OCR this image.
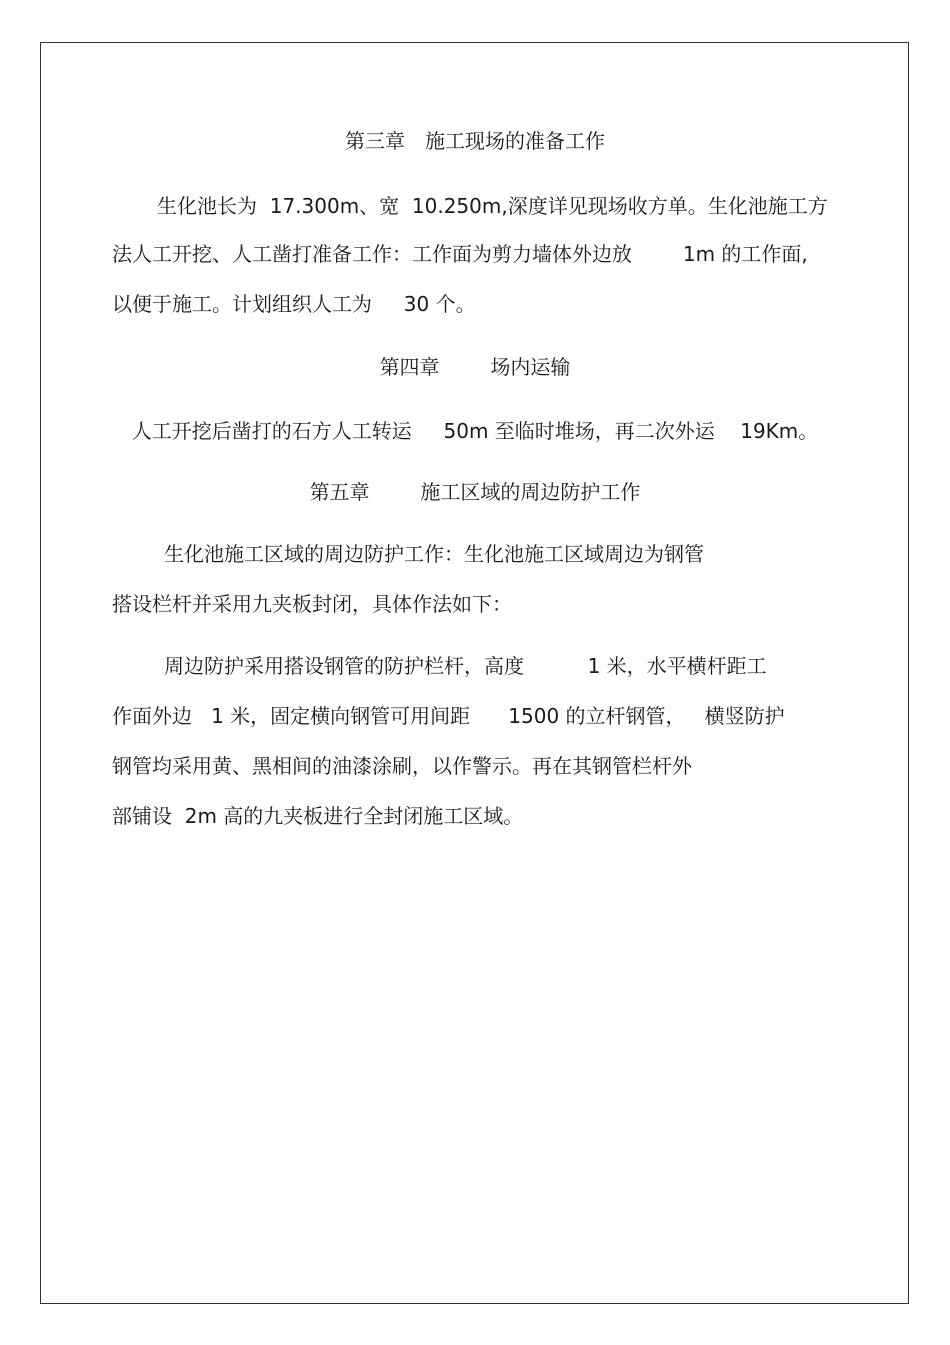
第三章　施工现场的准备工作

生化池长为  17.300m、宽  10.250m,深度详见现场收方单。生化池施工方

法人工开挖、人工凿打准备工作：工作面为剪力墙体外边放        1m 的工作面,

以便于施工。计划组织人工为     30 个。

第四章        场内运输

人工开挖后凿打的石方人工转运     50m 至临时堆场，再二次外运    19Km。

第五章        施工区域的周边防护工作

生化池施工区域的周边防护工作：生化池施工区域周边为钢管

搭设栏杆并采用九夹板封闭，具体作法如下：

周边防护采用搭设钢管的防护栏杆，高度          1 米，水平横杆距工

作面外边   1 米，固定横向钢管可用间距      1500 的立杆钢管，   横竖防护

钢管均采用黄、黑相间的油漆涂刷，以作警示。再在其钢管栏杆外

部铺设  2m 高的九夹板进行全封闭施工区域。
